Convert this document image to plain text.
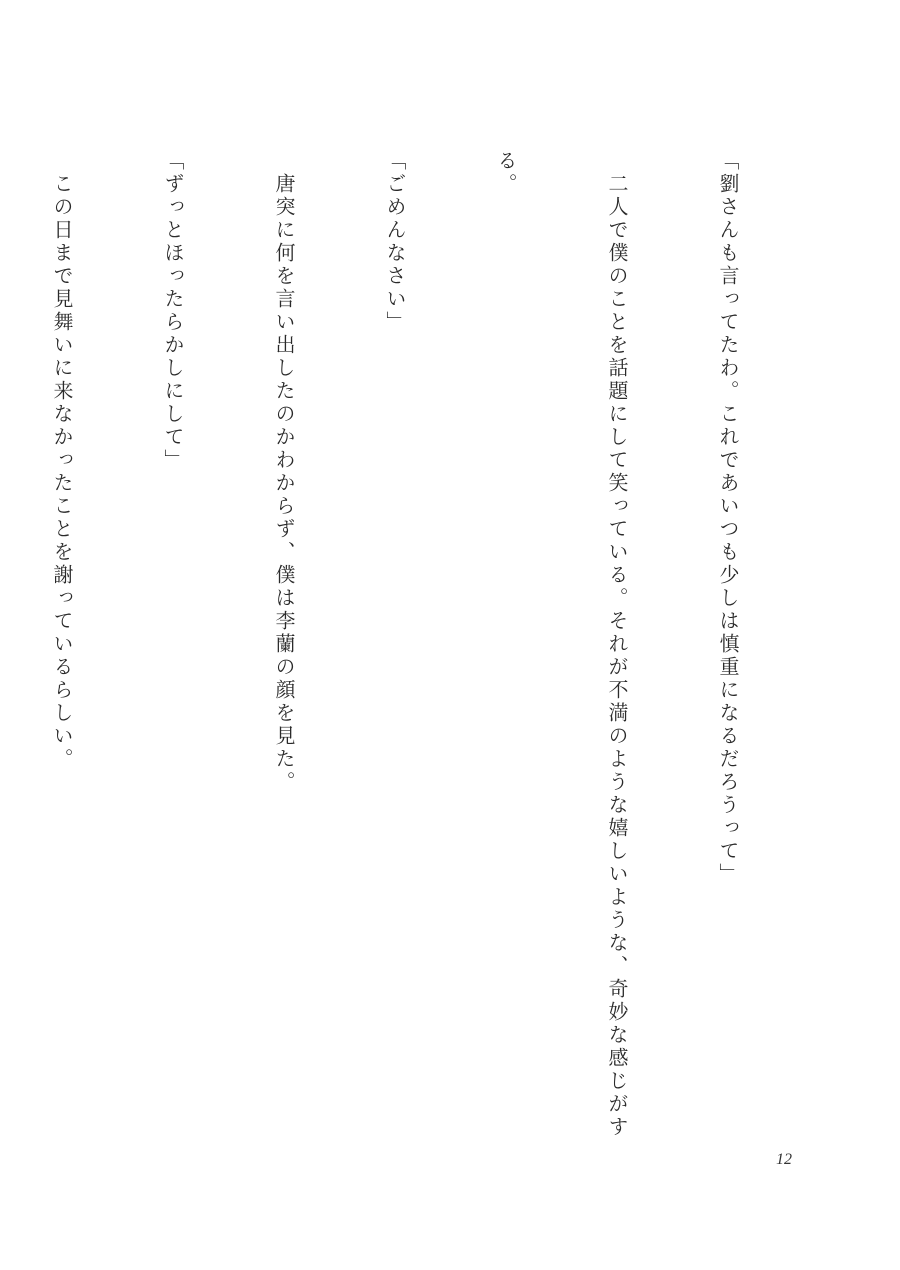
「劉さんも言ってたわ。これであいつも少しは慎重になるだろうって」

　二人で僕のことを話題にして笑っている。それが不満のような嬉しいような、奇妙な感じがす

る。

「ごめんなさい」

　唐突に何を言い出したのかわからず、僕は李蘭の顔を見た。

「ずっとほったらかしにして」

　この日まで見舞いに来なかったことを謝っているらしい。

12
